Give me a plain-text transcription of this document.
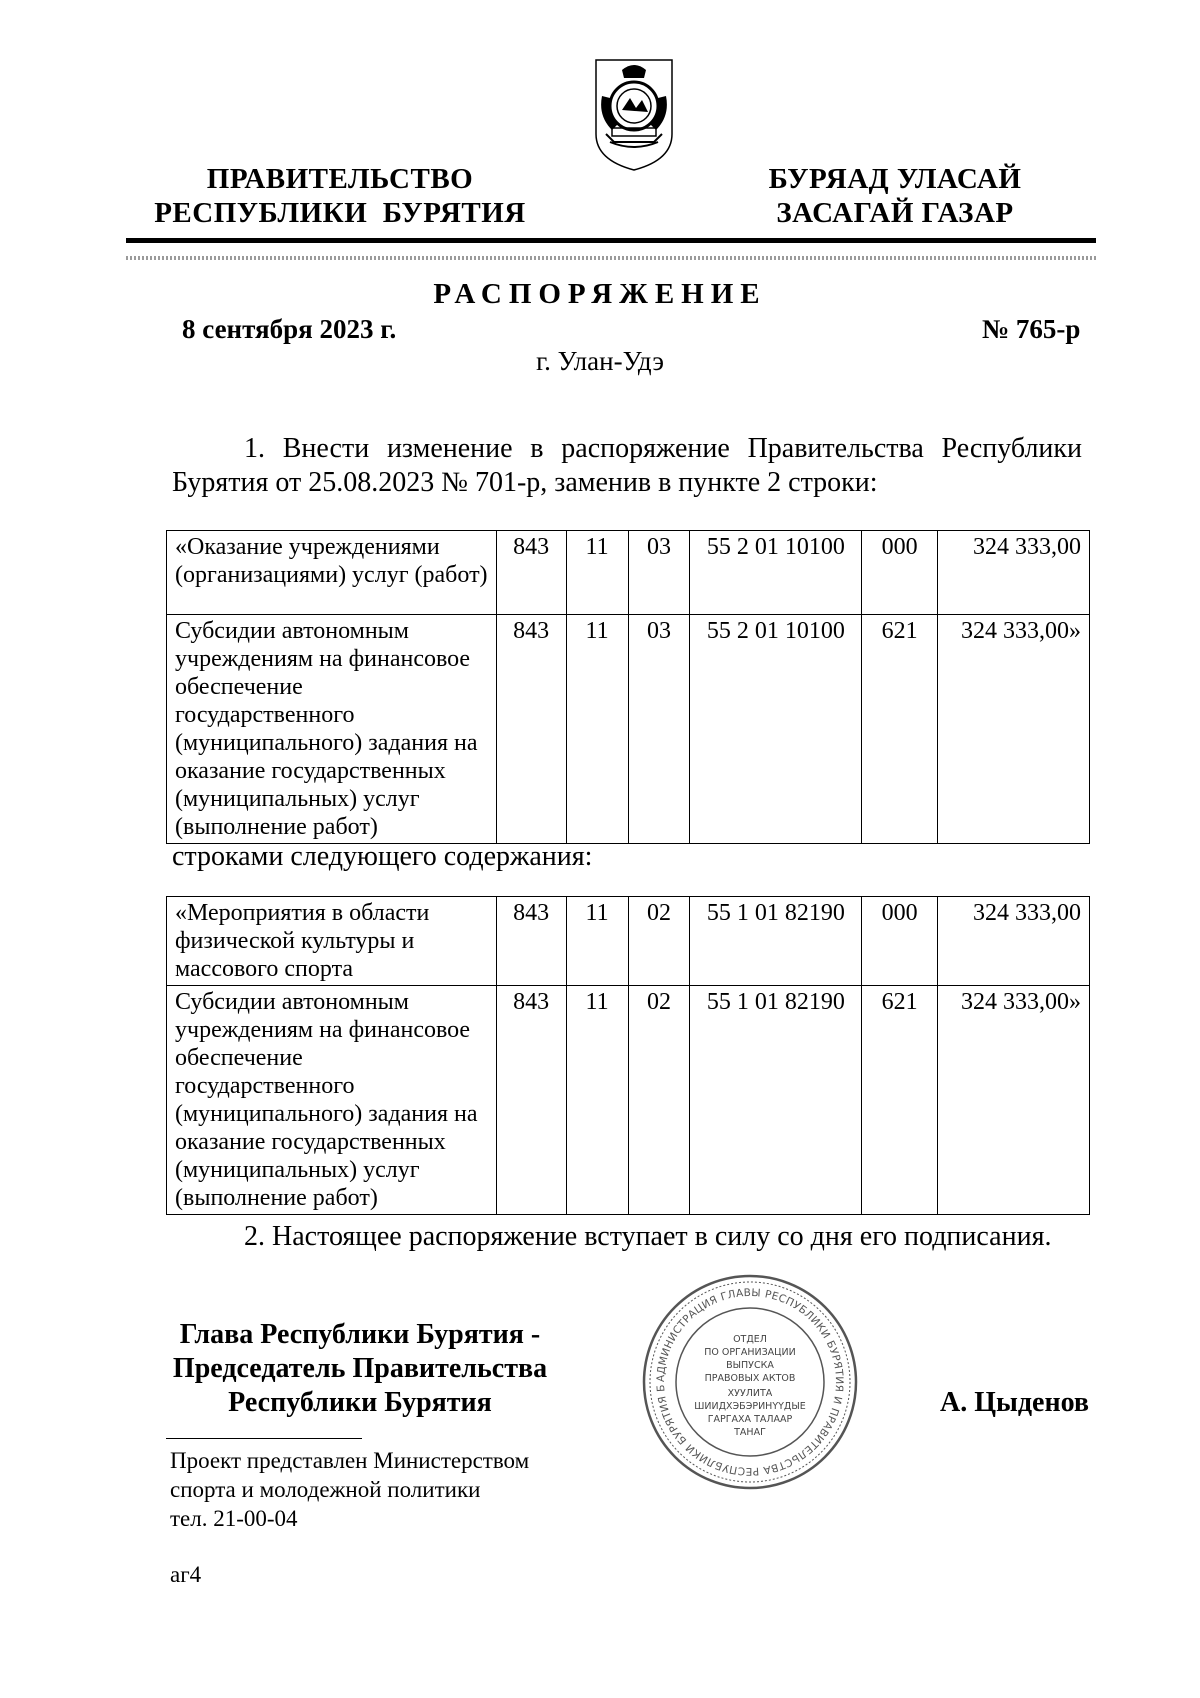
ПРАВИТЕЛЬСТВО
РЕСПУБЛИКИ  БУРЯТИЯ
БУРЯАД УЛАСАЙ
ЗАСАГАЙ ГАЗАР
РАСПОРЯЖЕНИЕ
8 сентября 2023 г.	№ 765-р
г. Улан-Удэ
1. Внести изменение в распоряжение Правительства Республики Бурятия от 25.08.2023 № 701-р, заменив в пункте 2 строки:
«Оказание учреждениями (организациями) услуг (работ)	843	11	03	55 2 01 10100	000	324 333,00
Субсидии автономным учреждениям на финансовое обеспечение государственного (муниципального) задания на оказание государственных (муниципальных) услуг (выполнение работ)	843	11	03	55 2 01 10100	621	324 333,00»
строками следующего содержания:
«Мероприятия в области физической культуры и массового спорта	843	11	02	55 1 01 82190	000	324 333,00
Субсидии автономным учреждениям на финансовое обеспечение государственного (муниципального) задания на оказание государственных (муниципальных) услуг (выполнение работ)	843	11	02	55 1 01 82190	621	324 333,00»
2. Настоящее распоряжение вступает в силу со дня его подписания.
Глава Республики Бурятия -
Председатель Правительства
Республики Бурятия	А. Цыденов
АДМИНИСТРАЦИЯ ГЛАВЫ РЕСПУБЛИКИ БУРЯТИЯ И ПРАВИТЕЛЬСТВА РЕСПУБЛИКИ БУРЯТИЯ Б
ОТДЕЛ
ПО ОРГАНИЗАЦИИ
ВЫПУСКА
ПРАВОВЫХ АКТОВ
ХУУЛИТА
ШИИДХЭБЭРИНҮҮДЫЕ
ГАРГАХА ТАЛААР
ТАНАГ
Проект представлен Министерством
спорта и молодежной политики
тел. 21-00-04
аг4
